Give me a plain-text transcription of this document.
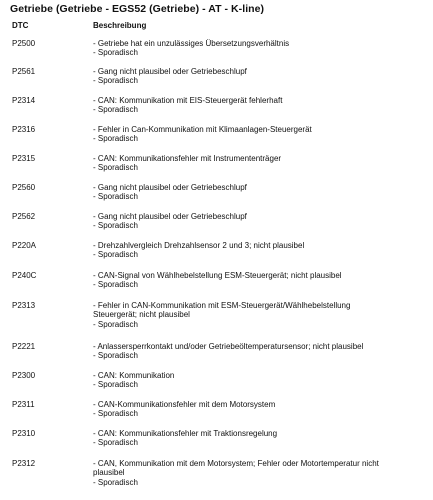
Getriebe (Getriebe - EGS52 (Getriebe) - AT - K-line)
DTC	Beschreibung
P2500	- Getriebe hat ein unzulässiges Übersetzungsverhältnis
- Sporadisch
P2561	- Gang nicht plausibel oder Getriebeschlupf
- Sporadisch
P2314	- CAN: Kommunikation mit EIS-Steuergerät fehlerhaft
- Sporadisch
P2316	- Fehler in Can-Kommunikation mit Klimaanlagen-Steuergerät
- Sporadisch
P2315	- CAN: Kommunikationsfehler mit Instrumententräger
- Sporadisch
P2560	- Gang nicht plausibel oder Getriebeschlupf
- Sporadisch
P2562	- Gang nicht plausibel oder Getriebeschlupf
- Sporadisch
P220A	- Drehzahlvergleich Drehzahlsensor 2 und 3; nicht plausibel
- Sporadisch
P240C	- CAN-Signal von Wählhebelstellung ESM-Steuergerät; nicht plausibel
- Sporadisch
P2313	- Fehler in CAN-Kommunikation mit ESM-Steuergerät/Wählhebelstellung
Steuergerät; nicht plausibel
- Sporadisch
P2221	- Anlassersperrkontakt und/oder Getriebeöltemperatursensor; nicht plausibel
- Sporadisch
P2300	- CAN: Kommunikation
- Sporadisch
P2311	- CAN-Kommunikationsfehler mit dem Motorsystem
- Sporadisch
P2310	- CAN: Kommunikationsfehler mit Traktionsregelung
- Sporadisch
P2312	- CAN, Kommunikation mit dem Motorsystem; Fehler oder Motortemperatur nicht
plausibel
- Sporadisch
